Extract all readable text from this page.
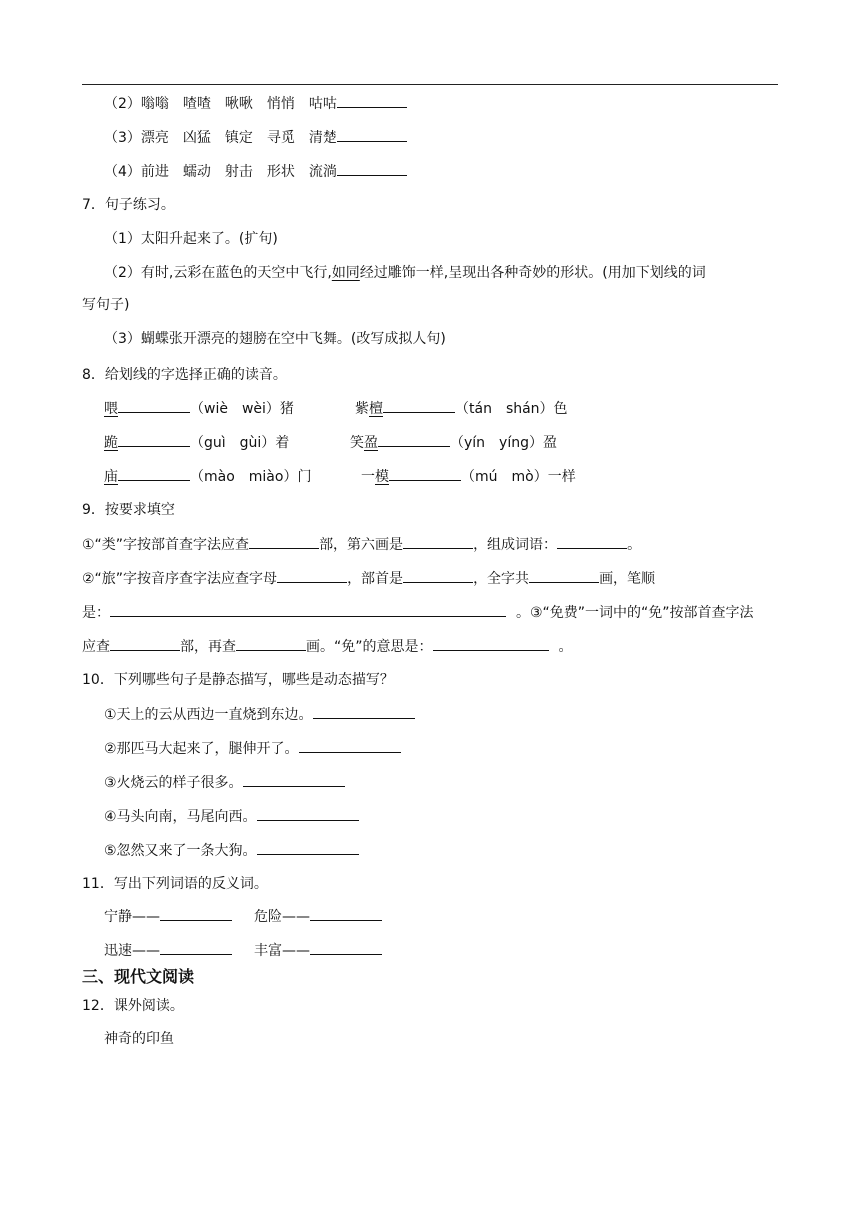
（2）嗡嗡 喳喳 啾啾 悄悄 咕咕
（3）漂亮 凶猛 镇定 寻觅 清楚
（4）前进 蠕动 射击 形状 流淌
7．句子练习。
（1）太阳升起来了。(扩句)
（2）有时,云彩在蓝色的天空中飞行,如同经过雕饰一样,呈现出各种奇妙的形状。(用加下划线的词
写句子)
（3）蝴蝶张开漂亮的翅膀在空中飞舞。(改写成拟人句)
8．给划线的字选择正确的读音。
喂	（wiè　wèi）猪	紫檀	（tán　shán）色
跪	（guì　gùi）着	笑盈	（yín　yíng）盈
庙	（mào　miào）门	一模	（mú　mò）一样
9．按要求填空
①“类”字按部首查字法应查	部，第六画是	，组成词语：	。
②“旅”字按音序查字法应查字母	，部首是	，全字共	画，笔顺
是：	。③“免费”一词中的“免”按部首查字法
应查	部，再查	画。“免”的意思是：	。
10．下列哪些句子是静态描写，哪些是动态描写？
①天上的云从西边一直烧到东边。
②那匹马大起来了，腿伸开了。
③火烧云的样子很多。
④马头向南，马尾向西。
⑤忽然又来了一条大狗。
11．写出下列词语的反义词。
宁静——	危险——
迅速——	丰富——
三、现代文阅读
12．课外阅读。
神奇的印鱼
